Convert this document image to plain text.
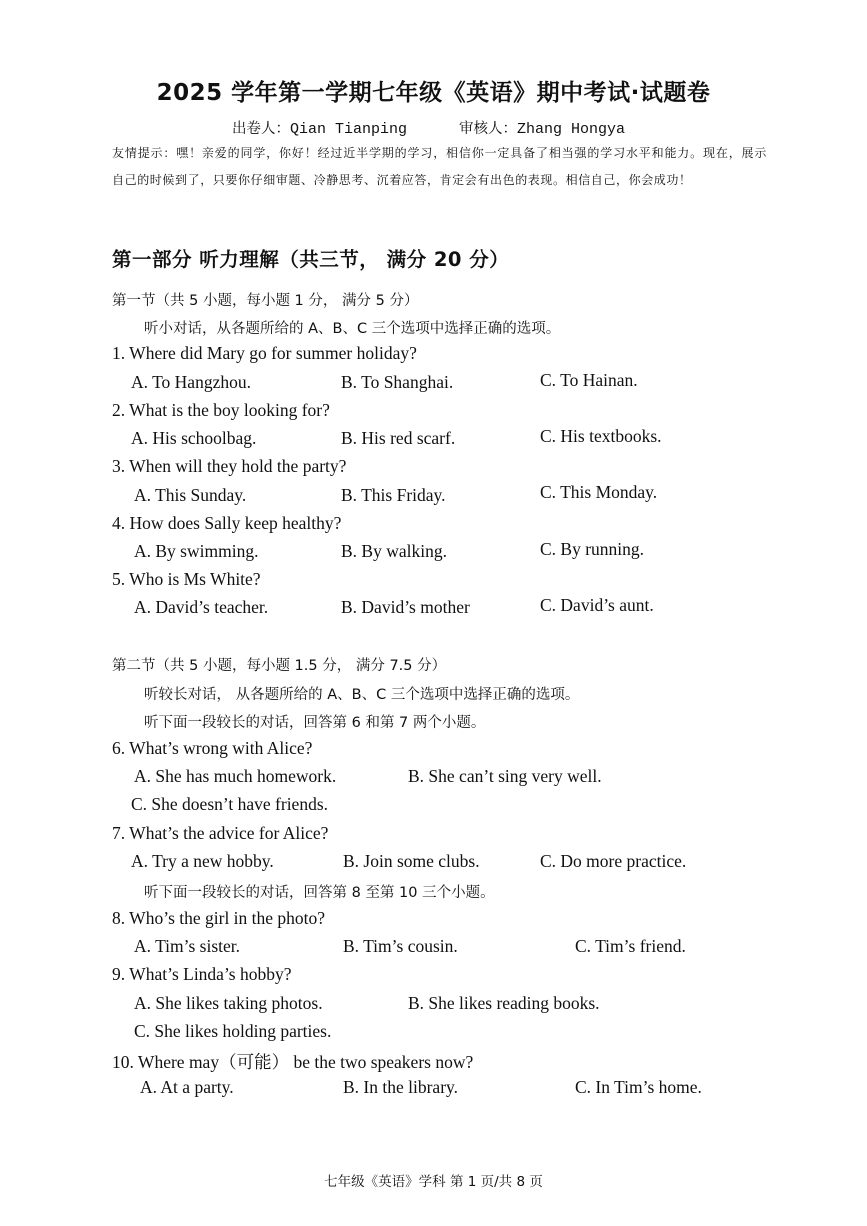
2025 学年第一学期七年级《英语》期中考试·试题卷
出卷人：Qian Tianping	审核人：Zhang Hongya
友情提示：嘿！亲爱的同学，你好！经过近半学期的学习，相信你一定具备了相当强的学习水平和能力。现在，展示自己的时候到了，只要你仔细审题、冷静思考、沉着应答，肯定会有出色的表现。相信自己，你会成功！
第一部分 听力理解（共三节， 满分 20 分）
第一节（共 5 小题，每小题 1 分， 满分 5 分）
听小对话，从各题所给的 A、B、C 三个选项中选择正确的选项。
1. Where did Mary go for summer holiday?
A. To Hangzhou.	B. To Shanghai.	C. To Hainan.
2. What is the boy looking for?
A. His schoolbag.	B. His red scarf.	C. His textbooks.
3. When will they hold the party?
A. This Sunday.	B. This Friday.	C. This Monday.
4. How does Sally keep healthy?
A. By swimming.	B. By walking.	C. By running.
5. Who is Ms White?
A. David’s teacher.	B. David’s mother	C. David’s aunt.
第二节（共 5 小题，每小题 1.5 分， 满分 7.5 分）
听较长对话， 从各题所给的 A、B、C 三个选项中选择正确的选项。
听下面一段较长的对话，回答第 6 和第 7 两个小题。
6. What’s wrong with Alice?
A. She has much homework.	B. She can’t sing very well.
C. She doesn’t have friends.
7. What’s the advice for Alice?
A. Try a new hobby.	B. Join some clubs.	C. Do more practice.
听下面一段较长的对话，回答第 8 至第 10 三个小题。
8. Who’s the girl in the photo?
A. Tim’s sister.	B. Tim’s cousin.	C. Tim’s friend.
9. What’s Linda’s hobby?
A. She likes taking photos.	B. She likes reading books.
C. She likes holding parties.
10. Where may（可能） be the two speakers now?
A. At a party.	B. In the library.	C. In Tim’s home.
七年级《英语》学科 第 1 页/共 8 页
